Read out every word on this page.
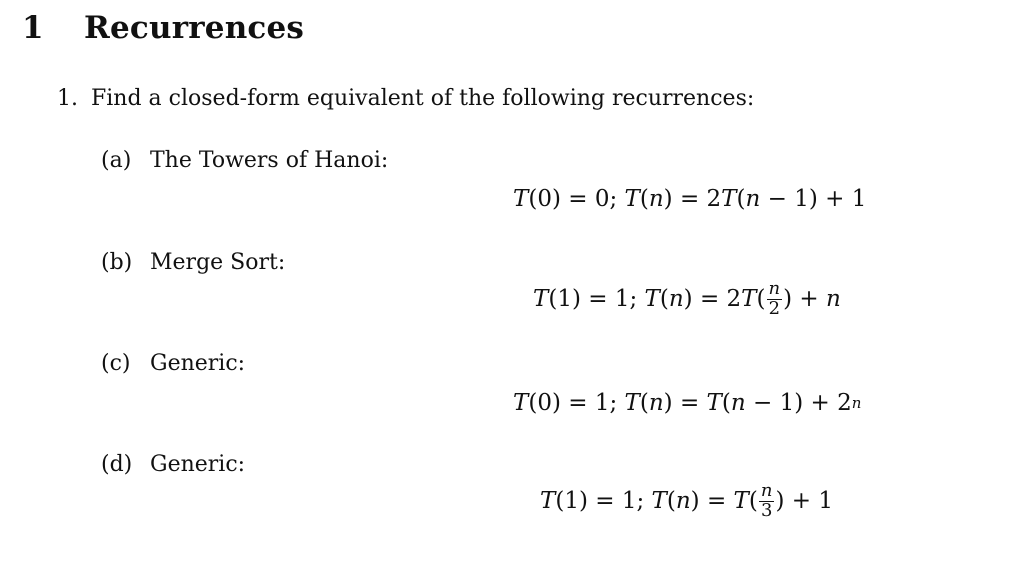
1 Recurrences
1. Find a closed-form equivalent of the following recurrences:
(a) The Towers of Hanoi:
T (0) = 0; T ( n ) = 2 T ( n − 1) + 1
(b) Merge Sort:
T (1) = 1; T ( n ) = 2 T ( $\frac{n}{2}$ ) + n
(c) Generic:
T (0) = 1; T ( n ) = T ( n − 1) + 2 n
(d) Generic:
T (1) = 1; T ( n ) = T ( $\frac{n}{3}$ ) + 1
